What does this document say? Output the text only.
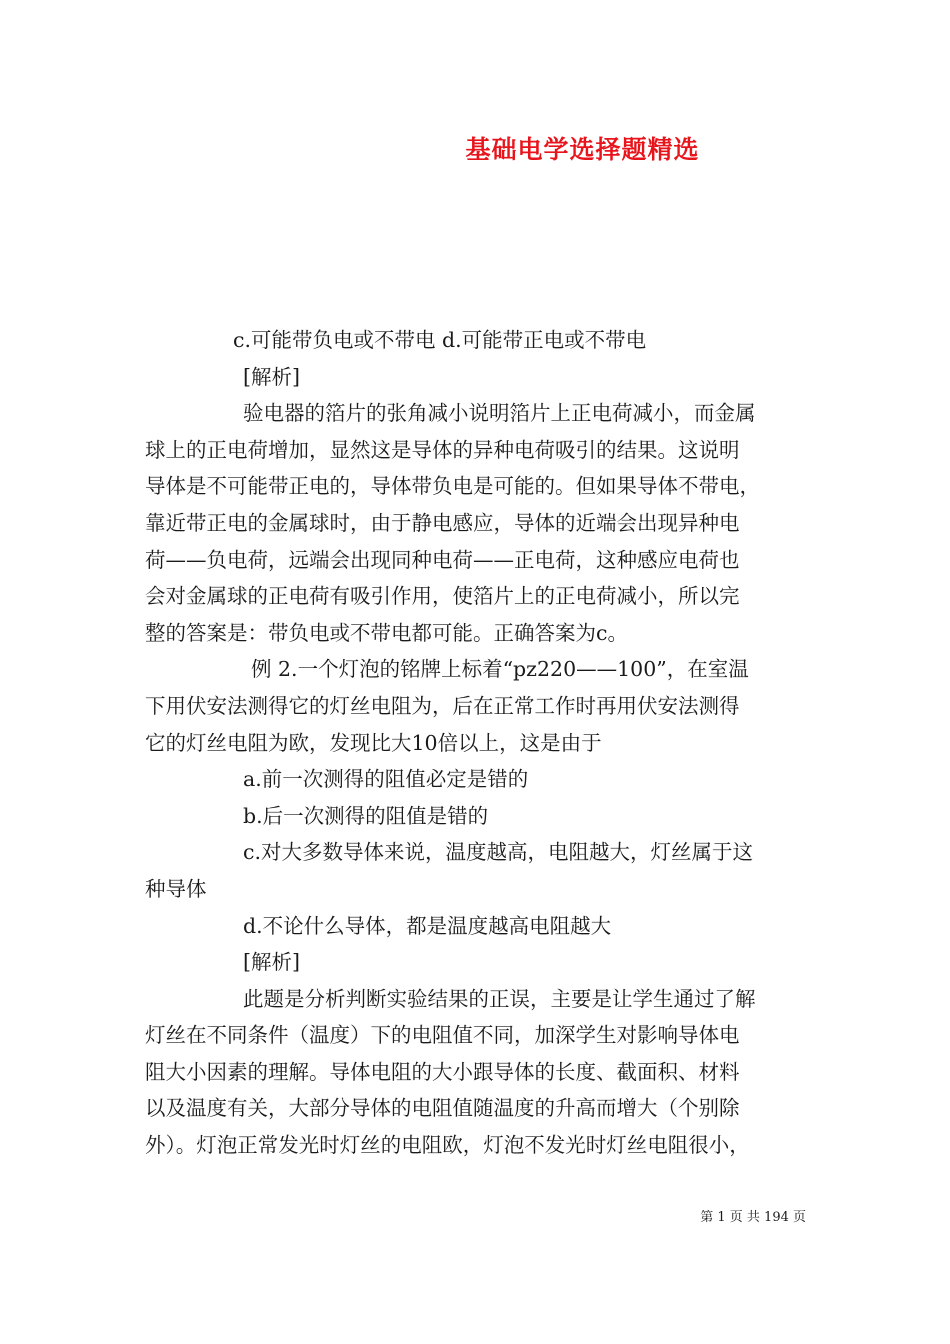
基础电学选择题精选
c.可能带负电或不带电 d.可能带正电或不带电
[解析]
验电器的箔片的张角减小说明箔片上正电荷减小，而金属
球上的正电荷增加，显然这是导体的异种电荷吸引的结果。这说明
导体是不可能带正电的，导体带负电是可能的。但如果导体不带电，
靠近带正电的金属球时，由于静电感应，导体的近端会出现异种电
荷——负电荷，远端会出现同种电荷——正电荷，这种感应电荷也
会对金属球的正电荷有吸引作用，使箔片上的正电荷减小，所以完
整的答案是：带负电或不带电都可能。正确答案为c。
例 2.一个灯泡的铭牌上标着“pz220——100”，在室温
下用伏安法测得它的灯丝电阻为，后在正常工作时再用伏安法测得
它的灯丝电阻为欧，发现比大10倍以上，这是由于
a.前一次测得的阻值必定是错的
b.后一次测得的阻值是错的
c.对大多数导体来说，温度越高，电阻越大，灯丝属于这
种导体
d.不论什么导体，都是温度越高电阻越大
[解析]
此题是分析判断实验结果的正误，主要是让学生通过了解
灯丝在不同条件（温度）下的电阻值不同，加深学生对影响导体电
阻大小因素的理解。导体电阻的大小跟导体的长度、截面积、材料
以及温度有关，大部分导体的电阻值随温度的升高而增大（个别除
外）。灯泡正常发光时灯丝的电阻欧，灯泡不发光时灯丝电阻很小，
第 1 页 共 194 页
